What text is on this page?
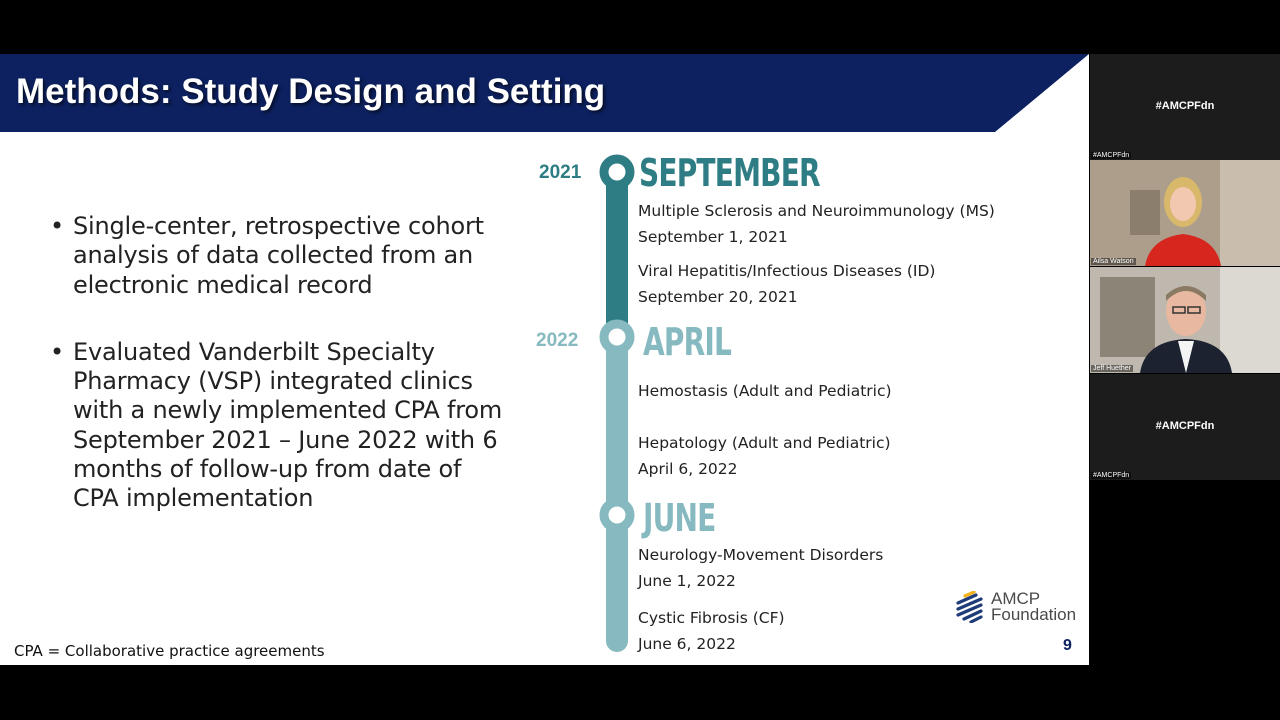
Methods: Study Design and Setting
• Single-center, retrospective cohort analysis of data collected from an electronic medical record
• Evaluated Vanderbilt Specialty Pharmacy (VSP) integrated clinics with a newly implemented CPA from September 2021 – June 2022 with 6 months of follow-up from date of CPA implementation
2021
2022
SEPTEMBER
APRIL
JUNE
Multiple Sclerosis and Neuroimmunology (MS)
September 1, 2021
Viral Hepatitis/Infectious Diseases (ID)
September 20, 2021
Hemostasis (Adult and Pediatric)
Hepatology (Adult and Pediatric)
April 6, 2022
Neurology-Movement Disorders
June 1, 2022
Cystic Fibrosis (CF)
June 6, 2022
AMCP
Foundation
CPA = Collaborative practice agreements	9
#AMCPFdn
#AMCPFdn
Ailsa Watson
Jeff Huether
#AMCPFdn
#AMCPFdn
